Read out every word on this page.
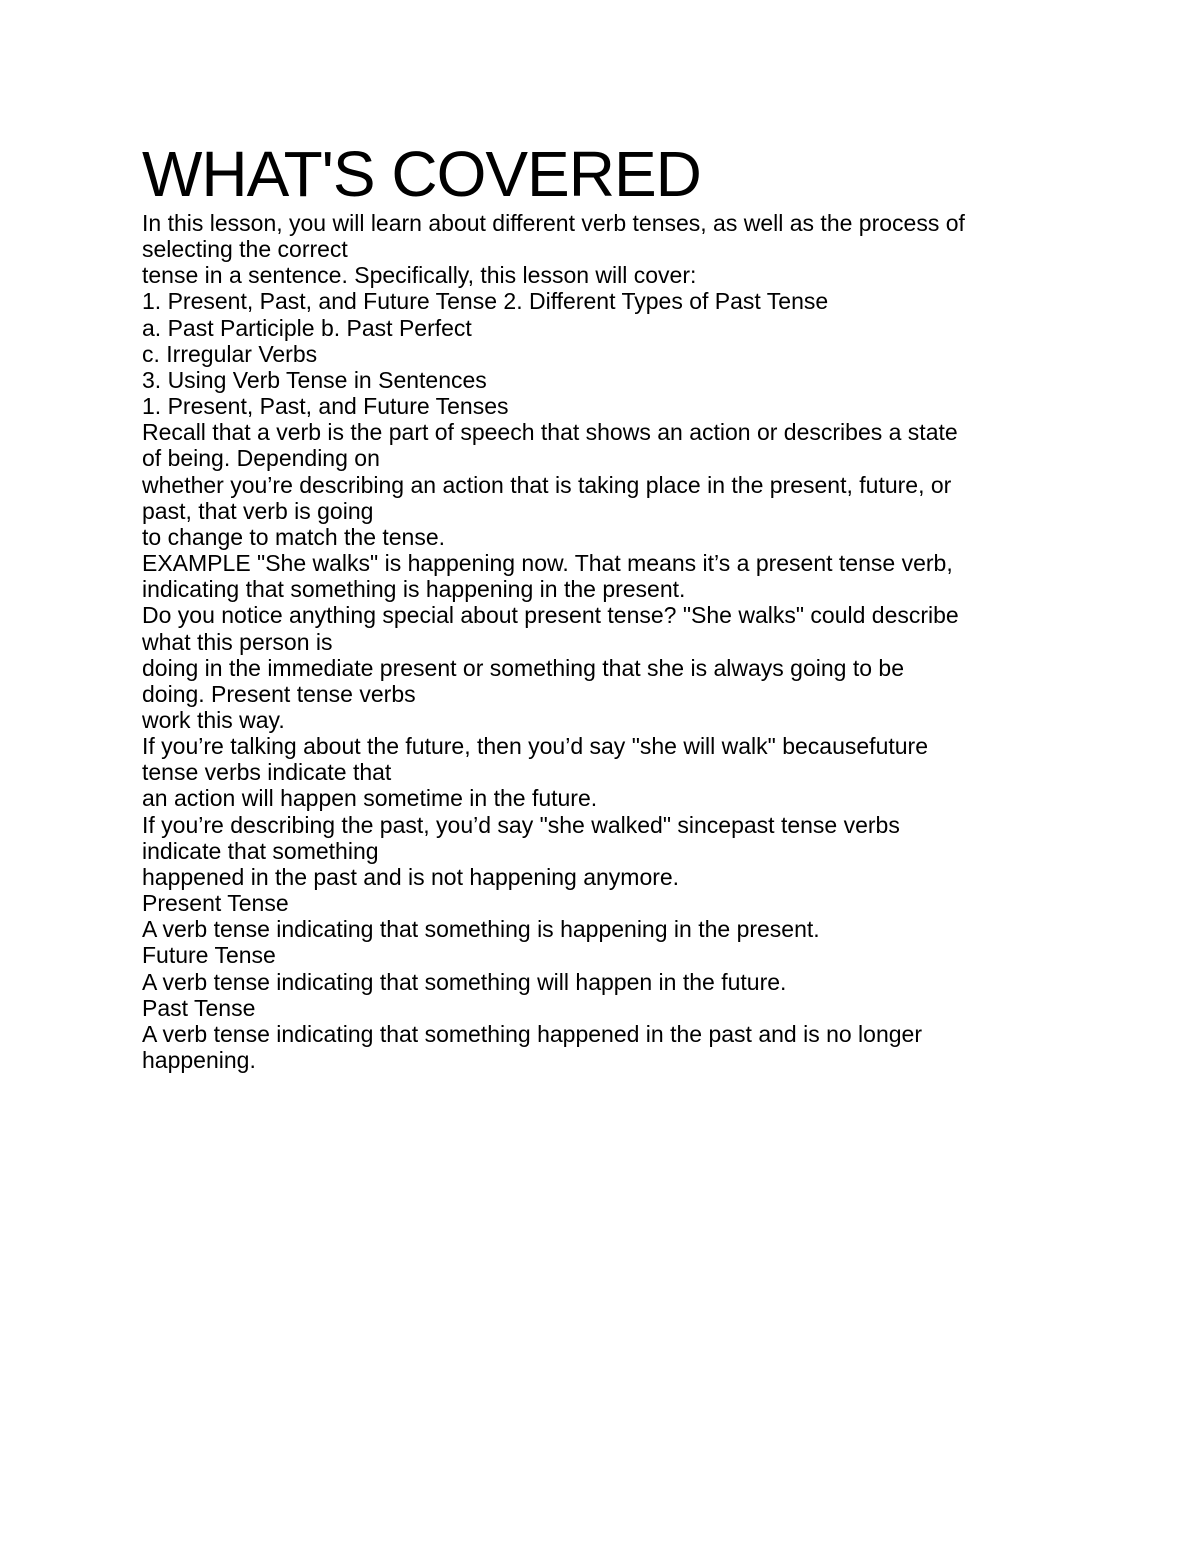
WHAT'S COVERED

In this lesson, you will learn about different verb tenses, as well as the process of

selecting the correct

tense in a sentence. Specifically, this lesson will cover:

1. Present, Past, and Future Tense 2. Different Types of Past Tense

a. Past Participle b. Past Perfect

c. Irregular Verbs

3. Using Verb Tense in Sentences

1. Present, Past, and Future Tenses

Recall that a verb is the part of speech that shows an action or describes a state

of being. Depending on

whether you’re describing an action that is taking place in the present, future, or

past, that verb is going

to change to match the tense.

EXAMPLE "She walks" is happening now. That means it’s a present tense verb,

indicating that something is happening in the present.

Do you notice anything special about present tense? "She walks" could describe

what this person is

doing in the immediate present or something that she is always going to be

doing. Present tense verbs

work this way.

If you’re talking about the future, then you’d say "she will walk" becausefuture

tense verbs indicate that

an action will happen sometime in the future.

If you’re describing the past, you’d say "she walked" sincepast tense verbs

indicate that something

happened in the past and is not happening anymore.

Present Tense

A verb tense indicating that something is happening in the present.

Future Tense

A verb tense indicating that something will happen in the future.

Past Tense

A verb tense indicating that something happened in the past and is no longer

happening.
